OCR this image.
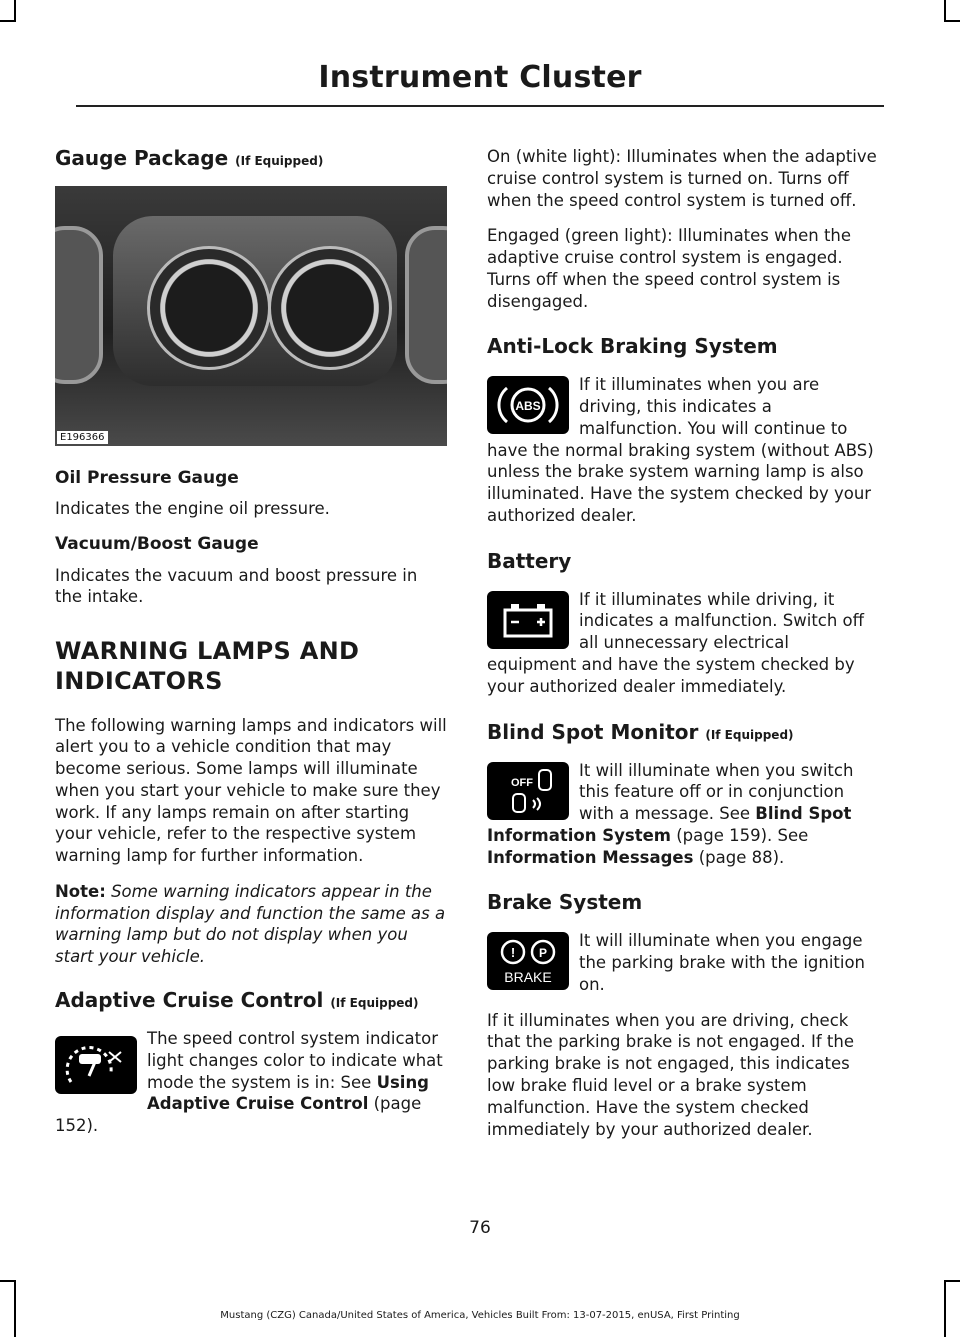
Instrument Cluster
Gauge Package (If Equipped)
E196366
Oil Pressure Gauge

Indicates the engine oil pressure.

Vacuum/Boost Gauge

Indicates the vacuum and boost pressure in the intake.

WARNING LAMPS AND
INDICATORS

The following warning lamps and indicators will alert you to a vehicle condition that may become serious. Some lamps will illuminate when you start your vehicle to make sure they work. If any lamps remain on after starting your vehicle, refer to the respective system warning lamp for further information.

Note: Some warning indicators appear in the information display and function the same as a warning lamp but do not display when you start your vehicle.

Adaptive Cruise Control (If Equipped)

The speed control system indicator light changes color to indicate what mode the system is in: See Using Adaptive Cruise Control (page 152).

On (white light): Illuminates when the adaptive cruise control system is turned on. Turns off when the speed control system is turned off.

Engaged (green light): Illuminates when the adaptive cruise control system is engaged. Turns off when the speed control system is disengaged.

Anti-Lock Braking System
ABS

If it illuminates when you are driving, this indicates a malfunction. You will continue to have the normal braking system (without ABS) unless the brake system warning lamp is also illuminated. Have the system checked by your authorized dealer.

Battery

If it illuminates while driving, it indicates a malfunction. Switch off all unnecessary electrical equipment and have the system checked by your authorized dealer immediately.

Blind Spot Monitor (If Equipped)
OFF

It will illuminate when you switch this feature off or in conjunction with a message. See Blind Spot Information System (page 159). See Information Messages (page 88).

Brake System
! P
BRAKE

It will illuminate when you engage the parking brake with the ignition on.

If it illuminates when you are driving, check that the parking brake is not engaged. If the parking brake is not engaged, this indicates low brake fluid level or a brake system malfunction. Have the system checked immediately by your authorized dealer.

76
Mustang (CZG) Canada/United States of America, Vehicles Built From: 13-07-2015, enUSA, First Printing
